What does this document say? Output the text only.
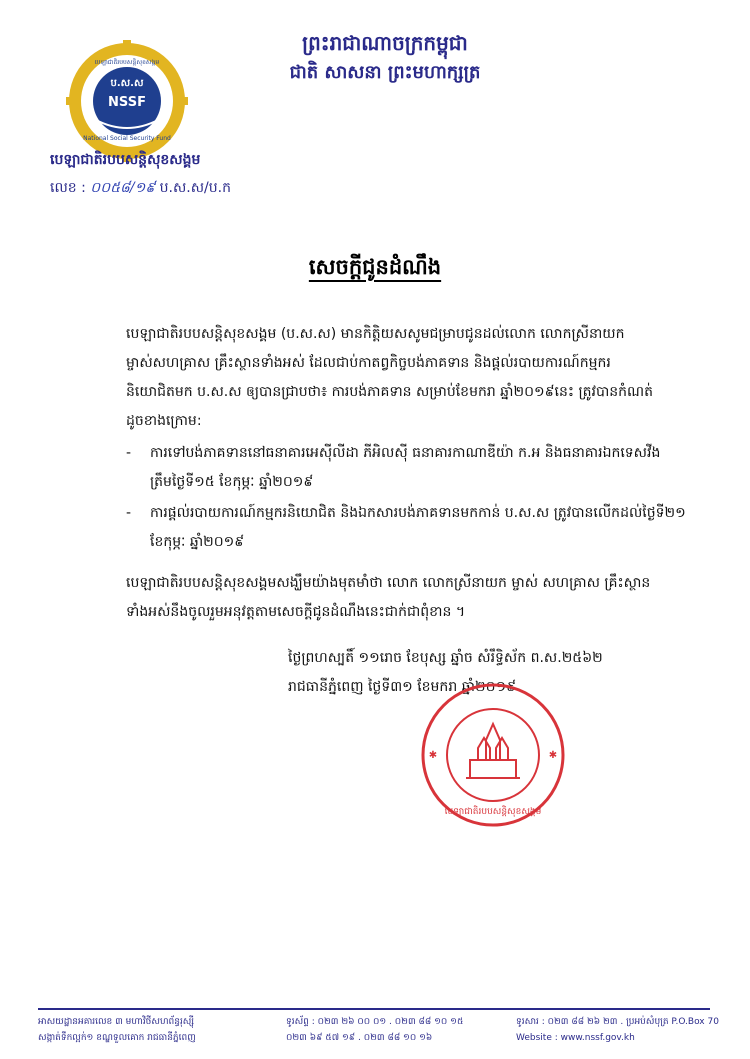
ព្រះរាជាណាចក្រកម្ពុជា
ជាតិ សាសនា ព្រះមហាក្សត្រ
ប.ស.ស
NSSF
National Social Security Fund
បេឡាជាតិរបបសន្តិសុខសង្គម
បេឡាជាតិរបបសន្តិសុខសង្គម
លេខ : ០០៥៨/១៩ ប.ស.ស/ប.ក
សេចក្តីជូនដំណឹង
បេឡាជាតិរបបសន្តិសុខសង្គម (ប.ស.ស) មានកិត្តិយសសូមជម្រាបជូនដល់លោក លោកស្រីនាយក ម្ចាស់សហគ្រាស គ្រឹះស្ថានទាំងអស់ ដែលជាប់កាតព្វកិច្ចបង់ភាគទាន និងផ្តល់របាយការណ៍កម្មករនិយោជិតមក ប.ស.ស ឲ្យបានជ្រាបថា៖ ការបង់ភាគទាន សម្រាប់ខែមករា ឆ្នាំ២០១៩នេះ ត្រូវបានកំណត់ដូចខាងក្រោម:
- ការទៅបង់ភាគទាននៅធនាគារអេស៊ីលីដា ភីអិលស៊ី ធនាគារកាណាឌីយ៉ា ក.អ និងធនាគារឯកទេសវីង ត្រឹមថ្ងៃទី១៥ ខែកុម្ភៈ ឆ្នាំ២០១៩
- ការផ្តល់របាយការណ៍កម្មករនិយោជិត និងឯកសារបង់ភាគទានមកកាន់ ប.ស.ស ត្រូវបានលើកដល់ថ្ងៃទី២១ ខែកុម្ភៈ ឆ្នាំ២០១៩
បេឡាជាតិរបបសន្តិសុខសង្គមសង្ឃឹមយ៉ាងមុតមាំថា លោក លោកស្រីនាយក ម្ចាស់ សហគ្រាស គ្រឹះស្ថានទាំងអស់នឹងចូលរួមអនុវត្តតាមសេចក្តីជូនដំណឹងនេះជាក់ជាពុំខាន ។
ថ្ងៃព្រហស្បតិ៍ ១១រោច ខែបុស្ស ឆ្នាំច សំរឹទ្ធិស័ក ព.ស.២៥៦២
រាជធានីភ្នំពេញ ថ្ងៃទី៣១ ខែមករា ឆ្នាំ២០១៩
បេឡាជាតិរបបសន្តិសុខសង្គម
✱	✱
អាសយដ្ឋានអគារលេខ ៣ មហាវិថីសហព័ន្ធរុស្ស៊ី
សង្កាត់ទឹកល្អក់១ ខណ្ឌទួលគោក រាជធានីភ្នំពេញ
ទូរស័ព្ទ : ០២៣ ២៦ ០០ ០១ . ០២៣ ៨៨ ១០ ១៥
០២៣ ៦៩ ៥៧ ១៩ . ០២៣ ៨៨ ១០ ១៦
ទូរសារ : ០២៣ ៨៨ ២៦ ២៣ . ប្រអប់សំបុត្រ P.O.Box 70
Website : www.nssf.gov.kh
